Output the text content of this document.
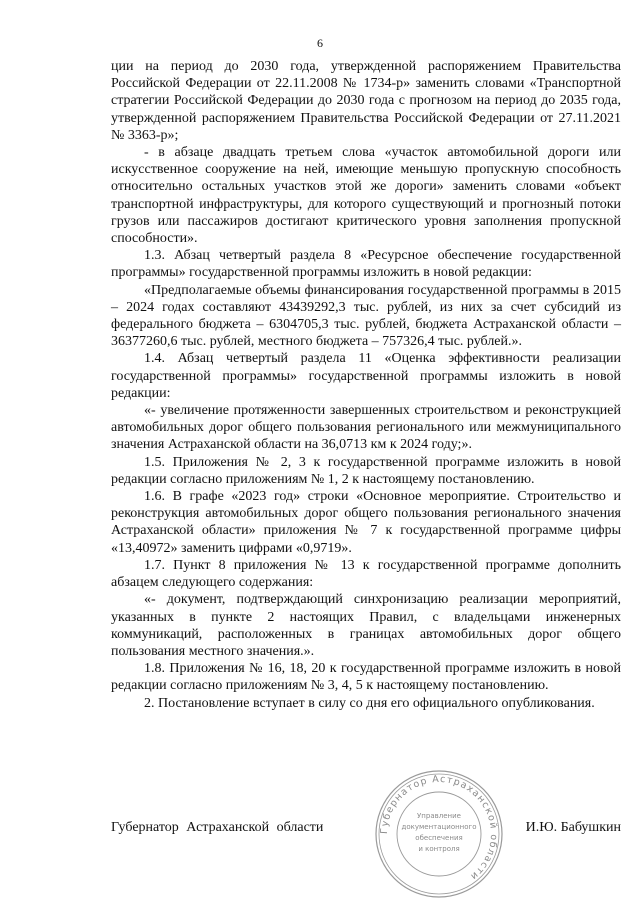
6

ции на период до 2030 года, утвержденной распоряжением Правительства Российской Федерации от 22.11.2008 № 1734-р» заменить словами «Транспортной стратегии Российской Федерации до 2030 года с прогнозом на период до 2035 года, утвержденной распоряжением Правительства Российской Федерации от 27.11.2021 № 3363-р»;

- в абзаце двадцать третьем слова «участок автомобильной дороги или искусственное сооружение на ней, имеющие меньшую пропускную способность относительно остальных участков этой же дороги» заменить словами «объект транспортной инфраструктуры, для которого существующий и прогнозный потоки грузов или пассажиров достигают критического уровня заполнения пропускной способности».

1.3. Абзац четвертый раздела 8 «Ресурсное обеспечение государственной программы» государственной программы изложить в новой редакции:

«Предполагаемые объемы финансирования государственной программы в 2015 – 2024 годах составляют 43439292,3 тыс. рублей, из них за счет субсидий из федерального бюджета – 6304705,3 тыс. рублей, бюджета Астраханской области – 36377260,6 тыс. рублей, местного бюджета – 757326,4 тыс. рублей.».

1.4. Абзац четвертый раздела 11 «Оценка эффективности реализации государственной программы» государственной программы изложить в новой редакции:

«- увеличение протяженности завершенных строительством и реконструкцией автомобильных дорог общего пользования регионального или межмуниципального значения Астраханской области на 36,0713 км к 2024 году;».

1.5. Приложения № 2, 3 к государственной программе изложить в новой редакции согласно приложениям № 1, 2 к настоящему постановлению.

1.6. В графе «2023 год» строки «Основное мероприятие. Строительство и реконструкция автомобильных дорог общего пользования регионального значения Астраханской области» приложения № 7 к государственной программе цифры «13,40972» заменить цифрами «0,9719».

1.7. Пункт 8 приложения № 13 к государственной программе дополнить абзацем следующего содержания:

«- документ, подтверждающий синхронизацию реализации мероприятий, указанных в пункте 2 настоящих Правил, с владельцами инженерных коммуникаций, расположенных в границах автомобильных дорог общего пользования местного значения.».

1.8. Приложения № 16, 18, 20 к государственной программе изложить в новой редакции согласно приложениям № 3, 4, 5 к настоящему постановлению.

2. Постановление вступает в силу со дня его официального опубликования.

Губернатор Астраханской области
Управление
документационного
обеспечения
и контроля
Губернатор Астраханской области	И.Ю. Бабушкин
